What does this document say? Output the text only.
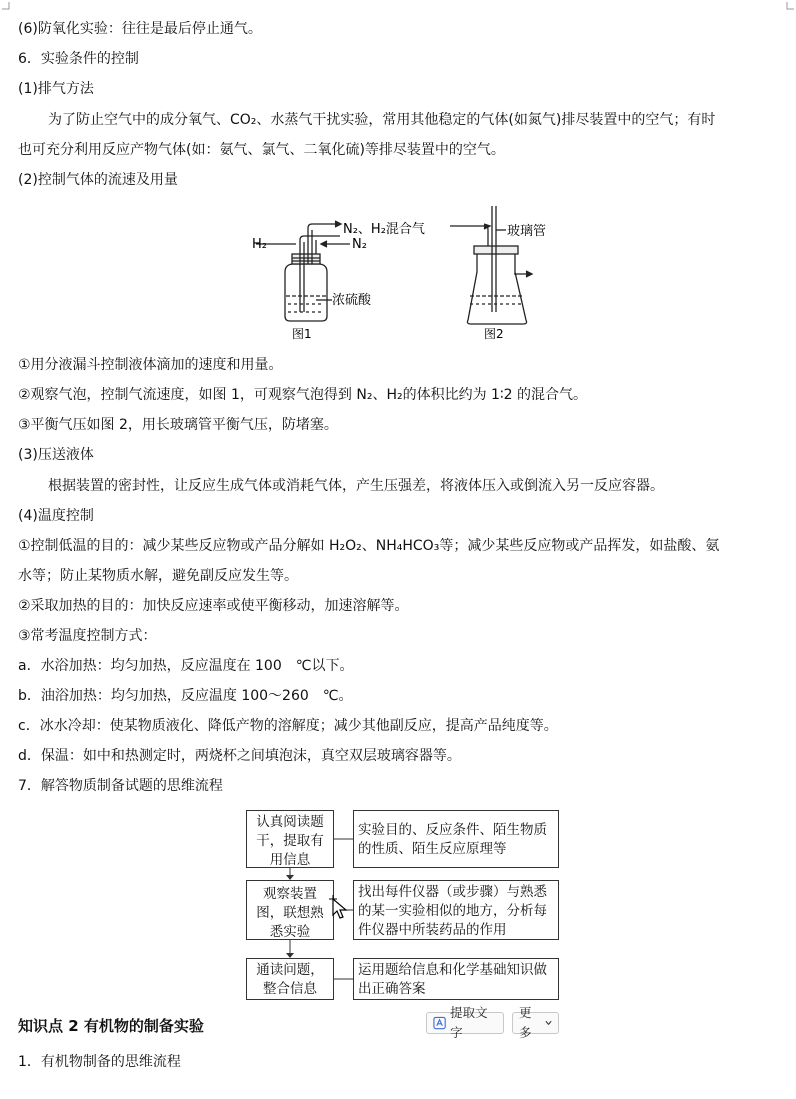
(6)防氧化实验：往往是最后停止通气。
6．实验条件的控制
(1)排气方法
为了防止空气中的成分氧气、CO₂、水蒸气干扰实验，常用其他稳定的气体(如氮气)排尽装置中的空气；有时
也可充分利用反应产物气体(如：氨气、氯气、二氧化硫)等排尽装置中的空气。
(2)控制气体的流速及用量
N₂、H₂混合气
H₂	N₂
浓硫酸
图1
玻璃管
图2
①用分液漏斗控制液体滴加的速度和用量。
②观察气泡，控制气流速度，如图 1，可观察气泡得到 N₂、H₂的体积比约为 1∶2 的混合气。
③平衡气压如图 2，用长玻璃管平衡气压，防堵塞。
(3)压送液体
根据装置的密封性，让反应生成气体或消耗气体，产生压强差，将液体压入或倒流入另一反应容器。
(4)温度控制
①控制低温的目的：减少某些反应物或产品分解如 H₂O₂、NH₄HCO₃等；减少某些反应物或产品挥发，如盐酸、氨
水等；防止某物质水解，避免副反应发生等。
②采取加热的目的：加快反应速率或使平衡移动，加速溶解等。
③常考温度控制方式：
a．水浴加热：均匀加热，反应温度在 100　℃以下。
b．油浴加热：均匀加热，反应温度 100～260　℃。
c．冰水冷却：使某物质液化、降低产物的溶解度；减少其他副反应，提高产品纯度等。
d．保温：如中和热测定时，两烧杯之间填泡沫，真空双层玻璃容器等。
7．解答物质制备试题的思维流程
认真阅读题干，提取有用信息
实验目的、反应条件、陌生物质的性质、陌生反应原理等
观察装置图，联想熟悉实验
找出每件仪器（或步骤）与熟悉的某一实验相似的地方，分析每件仪器中所装药品的作用
通读问题，整合信息
运用题给信息和化学基础知识做出正确答案
知识点 2 有机物的制备实验
提取文字
更多
1．有机物制备的思维流程
